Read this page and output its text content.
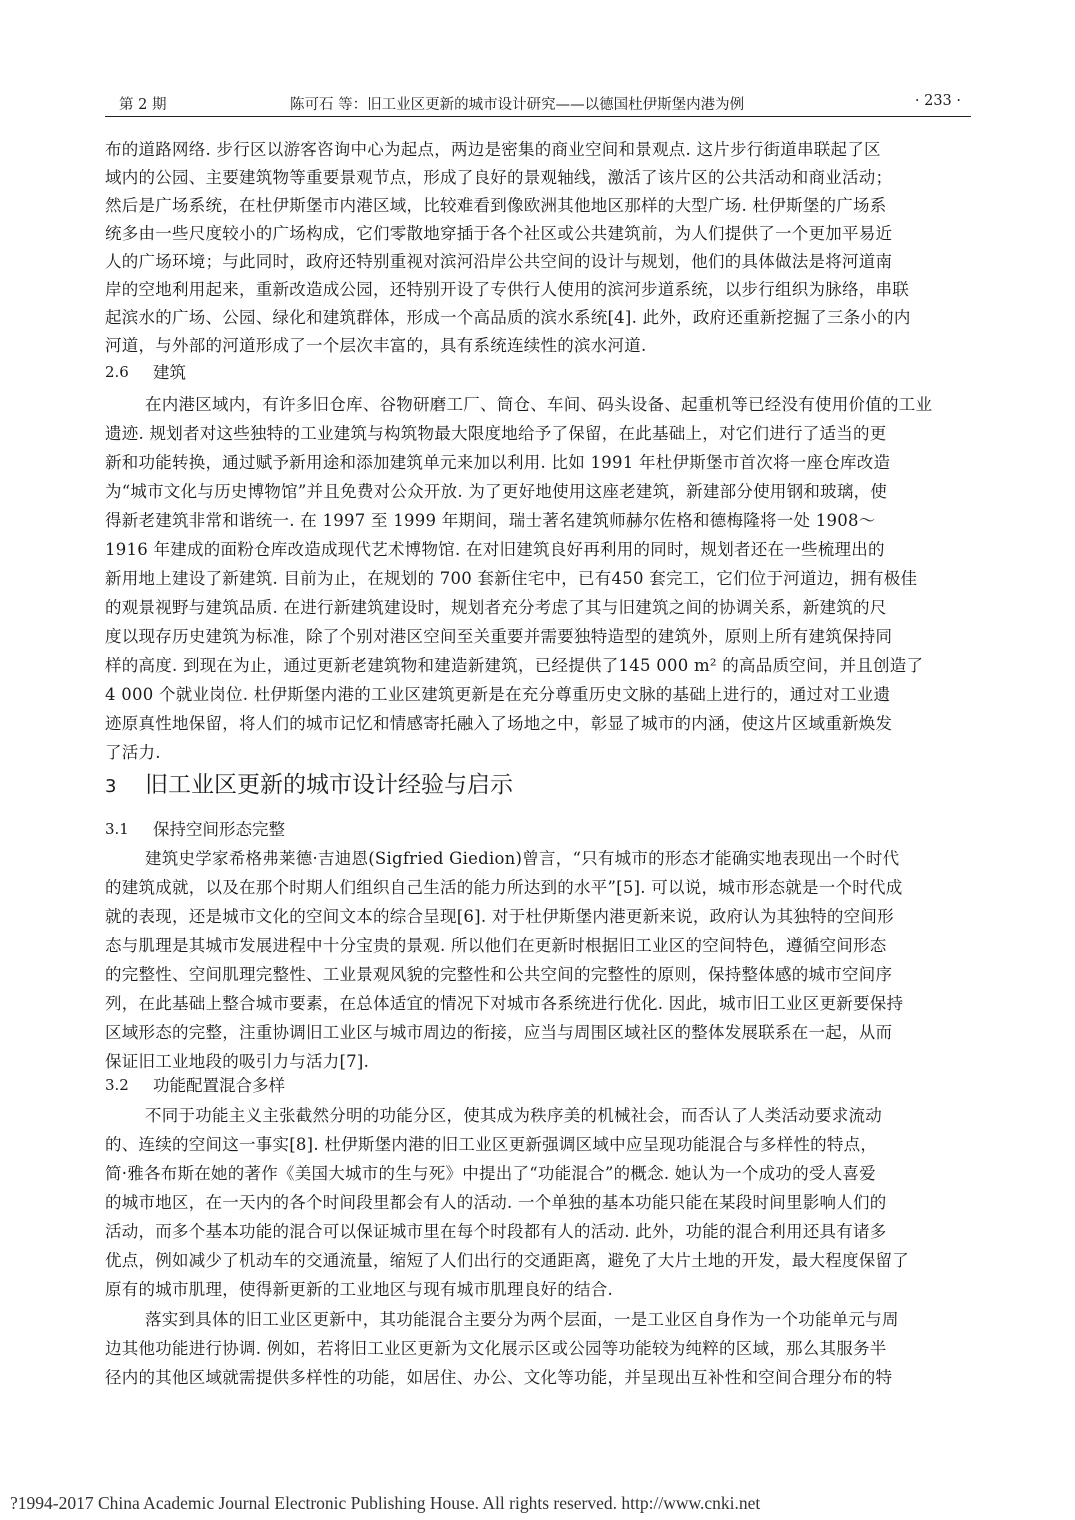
第 2 期	陈可石 等：旧工业区更新的城市设计研究——以德国杜伊斯堡内港为例	· 233 ·
布的道路网络. 步行区以游客咨询中心为起点，两边是密集的商业空间和景观点. 这片步行街道串联起了区
域内的公园、主要建筑物等重要景观节点，形成了良好的景观轴线，激活了该片区的公共活动和商业活动；
然后是广场系统，在杜伊斯堡市内港区域，比较难看到像欧洲其他地区那样的大型广场. 杜伊斯堡的广场系
统多由一些尺度较小的广场构成，它们零散地穿插于各个社区或公共建筑前，为人们提供了一个更加平易近
人的广场环境；与此同时，政府还特别重视对滨河沿岸公共空间的设计与规划，他们的具体做法是将河道南
岸的空地利用起来，重新改造成公园，还特别开设了专供行人使用的滨河步道系统，以步行组织为脉络，串联
起滨水的广场、公园、绿化和建筑群体，形成一个高品质的滨水系统[4]. 此外，政府还重新挖掘了三条小的内
河道，与外部的河道形成了一个层次丰富的，具有系统连续性的滨水河道.
2.6 建筑
在内港区域内，有许多旧仓库、谷物研磨工厂、筒仓、车间、码头设备、起重机等已经没有使用价值的工业
遗迹. 规划者对这些独特的工业建筑与构筑物最大限度地给予了保留，在此基础上，对它们进行了适当的更
新和功能转换，通过赋予新用途和添加建筑单元来加以利用. 比如 1991 年杜伊斯堡市首次将一座仓库改造
为“城市文化与历史博物馆”并且免费对公众开放. 为了更好地使用这座老建筑，新建部分使用钢和玻璃，使
得新老建筑非常和谐统一. 在 1997 至 1999 年期间，瑞士著名建筑师赫尔佐格和德梅隆将一处 1908～
1916 年建成的面粉仓库改造成现代艺术博物馆. 在对旧建筑良好再利用的同时，规划者还在一些梳理出的
新用地上建设了新建筑. 目前为止，在规划的 700 套新住宅中，已有450 套完工，它们位于河道边，拥有极佳
的观景视野与建筑品质. 在进行新建筑建设时，规划者充分考虑了其与旧建筑之间的协调关系，新建筑的尺
度以现存历史建筑为标准，除了个别对港区空间至关重要并需要独特造型的建筑外，原则上所有建筑保持同
样的高度. 到现在为止，通过更新老建筑物和建造新建筑，已经提供了145 000 m² 的高品质空间，并且创造了
4 000 个就业岗位. 杜伊斯堡内港的工业区建筑更新是在充分尊重历史文脉的基础上进行的，通过对工业遗
迹原真性地保留，将人们的城市记忆和情感寄托融入了场地之中，彰显了城市的内涵，使这片区域重新焕发
了活力.
3 旧工业区更新的城市设计经验与启示
3.1 保持空间形态完整
建筑史学家希格弗莱德·吉迪恩(Sigfried Giedion)曾言，“只有城市的形态才能确实地表现出一个时代
的建筑成就，以及在那个时期人们组织自己生活的能力所达到的水平”[5]. 可以说，城市形态就是一个时代成
就的表现，还是城市文化的空间文本的综合呈现[6]. 对于杜伊斯堡内港更新来说，政府认为其独特的空间形
态与肌理是其城市发展进程中十分宝贵的景观. 所以他们在更新时根据旧工业区的空间特色，遵循空间形态
的完整性、空间肌理完整性、工业景观风貌的完整性和公共空间的完整性的原则，保持整体感的城市空间序
列，在此基础上整合城市要素，在总体适宜的情况下对城市各系统进行优化. 因此，城市旧工业区更新要保持
区域形态的完整，注重协调旧工业区与城市周边的衔接，应当与周围区域社区的整体发展联系在一起，从而
保证旧工业地段的吸引力与活力[7].
3.2 功能配置混合多样
不同于功能主义主张截然分明的功能分区，使其成为秩序美的机械社会，而否认了人类活动要求流动
的、连续的空间这一事实[8]. 杜伊斯堡内港的旧工业区更新强调区域中应呈现功能混合与多样性的特点，
简·雅各布斯在她的著作《美国大城市的生与死》中提出了“功能混合”的概念. 她认为一个成功的受人喜爱
的城市地区，在一天内的各个时间段里都会有人的活动. 一个单独的基本功能只能在某段时间里影响人们的
活动，而多个基本功能的混合可以保证城市里在每个时段都有人的活动. 此外，功能的混合利用还具有诸多
优点，例如减少了机动车的交通流量，缩短了人们出行的交通距离，避免了大片土地的开发，最大程度保留了
原有的城市肌理，使得新更新的工业地区与现有城市肌理良好的结合.
落实到具体的旧工业区更新中，其功能混合主要分为两个层面，一是工业区自身作为一个功能单元与周
边其他功能进行协调. 例如，若将旧工业区更新为文化展示区或公园等功能较为纯粹的区域，那么其服务半
径内的其他区域就需提供多样性的功能，如居住、办公、文化等功能，并呈现出互补性和空间合理分布的特
?1994-2017 China Academic Journal Electronic Publishing House. All rights reserved. http://www.cnki.net
